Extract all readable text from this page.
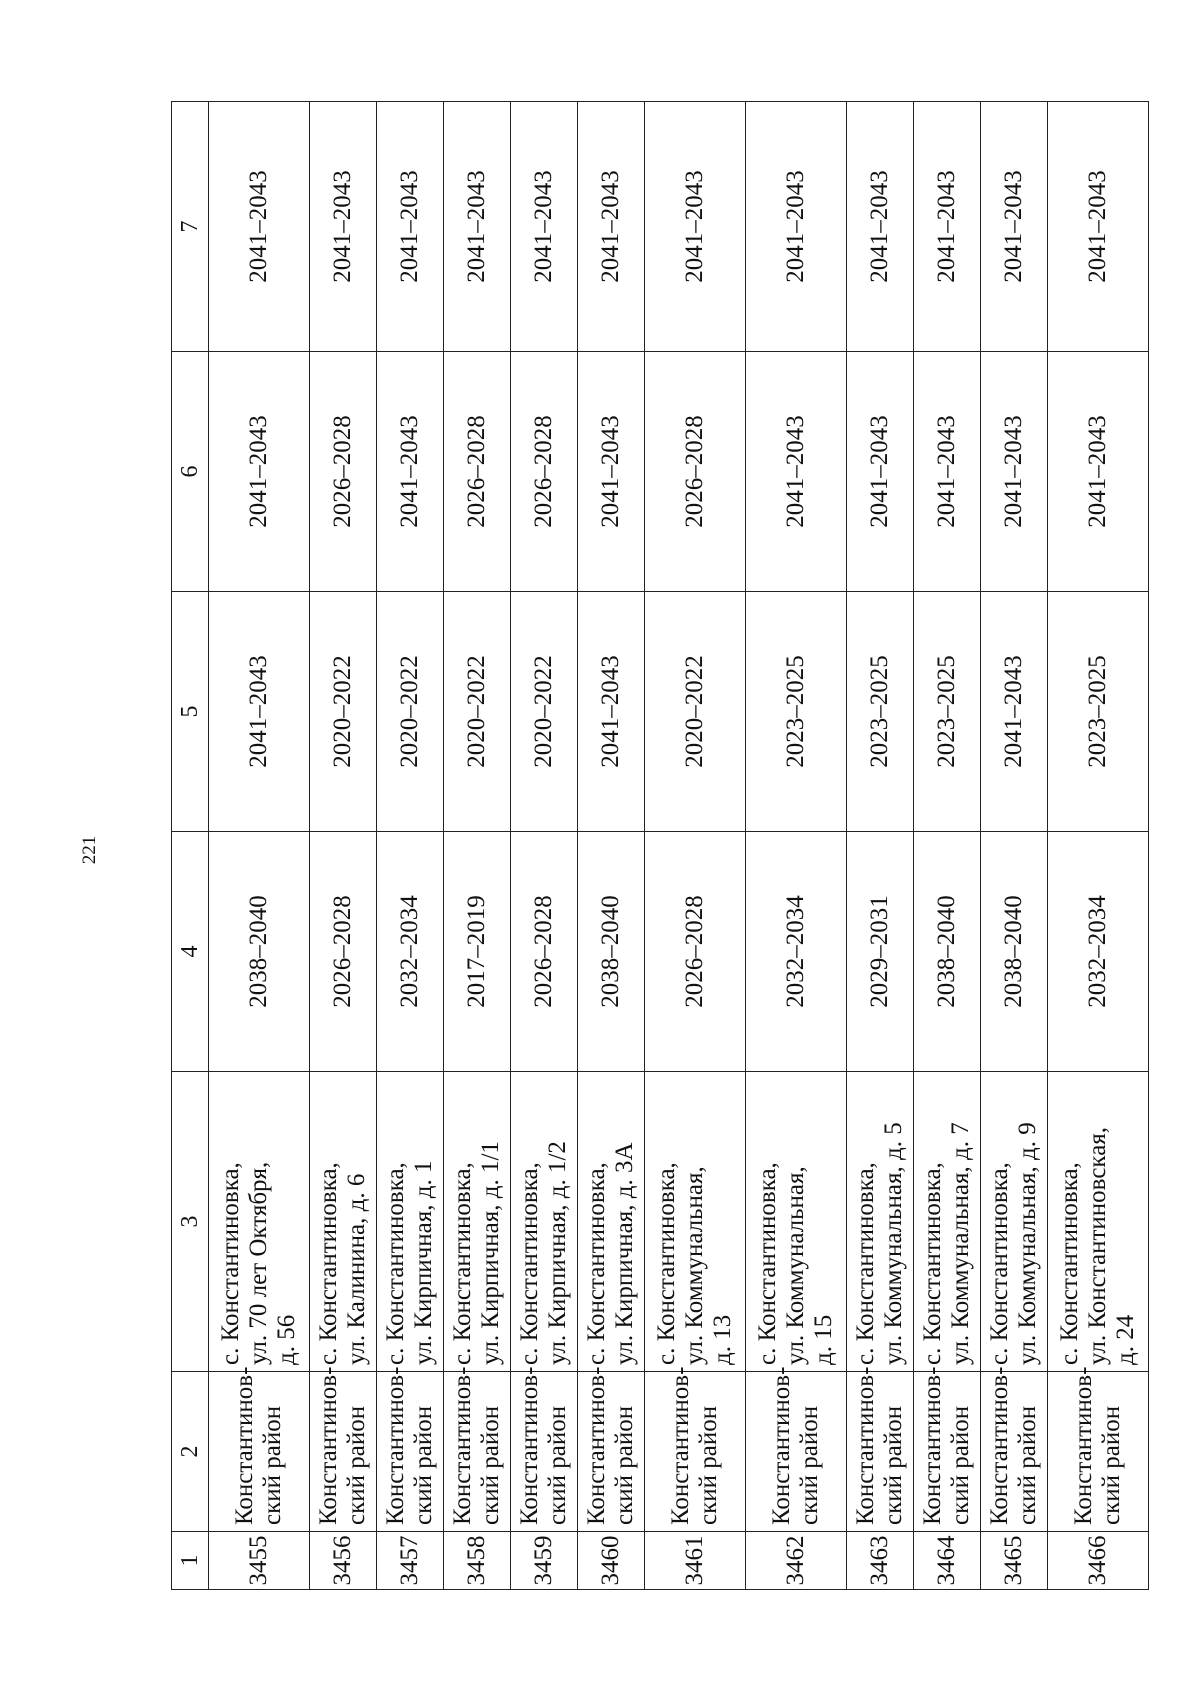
221
1	2	3	4	5	6	7
3455	Константинов-
ский район	с. Константиновка,
ул. 70 лет Октября,
д. 56	2038–2040	2041–2043	2041–2043	2041–2043
3456	Константинов-
ский район	с. Константиновка,
ул. Калинина, д. 6	2026–2028	2020–2022	2026–2028	2041–2043
3457	Константинов-
ский район	с. Константиновка,
ул. Кирпичная, д. 1	2032–2034	2020–2022	2041–2043	2041–2043
3458	Константинов-
ский район	с. Константиновка,
ул. Кирпичная, д. 1/1	2017–2019	2020–2022	2026–2028	2041–2043
3459	Константинов-
ский район	с. Константиновка,
ул. Кирпичная, д. 1/2	2026–2028	2020–2022	2026–2028	2041–2043
3460	Константинов-
ский район	с. Константиновка,
ул. Кирпичная, д. 3А	2038–2040	2041–2043	2041–2043	2041–2043
3461	Константинов-
ский район	с. Константиновка,
ул. Коммунальная,
д. 13	2026–2028	2020–2022	2026–2028	2041–2043
3462	Константинов-
ский район	с. Константиновка,
ул. Коммунальная,
д. 15	2032–2034	2023–2025	2041–2043	2041–2043
3463	Константинов-
ский район	с. Константиновка,
ул. Коммунальная, д. 5	2029–2031	2023–2025	2041–2043	2041–2043
3464	Константинов-
ский район	с. Константиновка,
ул. Коммунальная, д. 7	2038–2040	2023–2025	2041–2043	2041–2043
3465	Константинов-
ский район	с. Константиновка,
ул. Коммунальная, д. 9	2038–2040	2041–2043	2041–2043	2041–2043
3466	Константинов-
ский район	с. Константиновка,
ул. Константиновская,
д. 24	2032–2034	2023–2025	2041–2043	2041–2043
